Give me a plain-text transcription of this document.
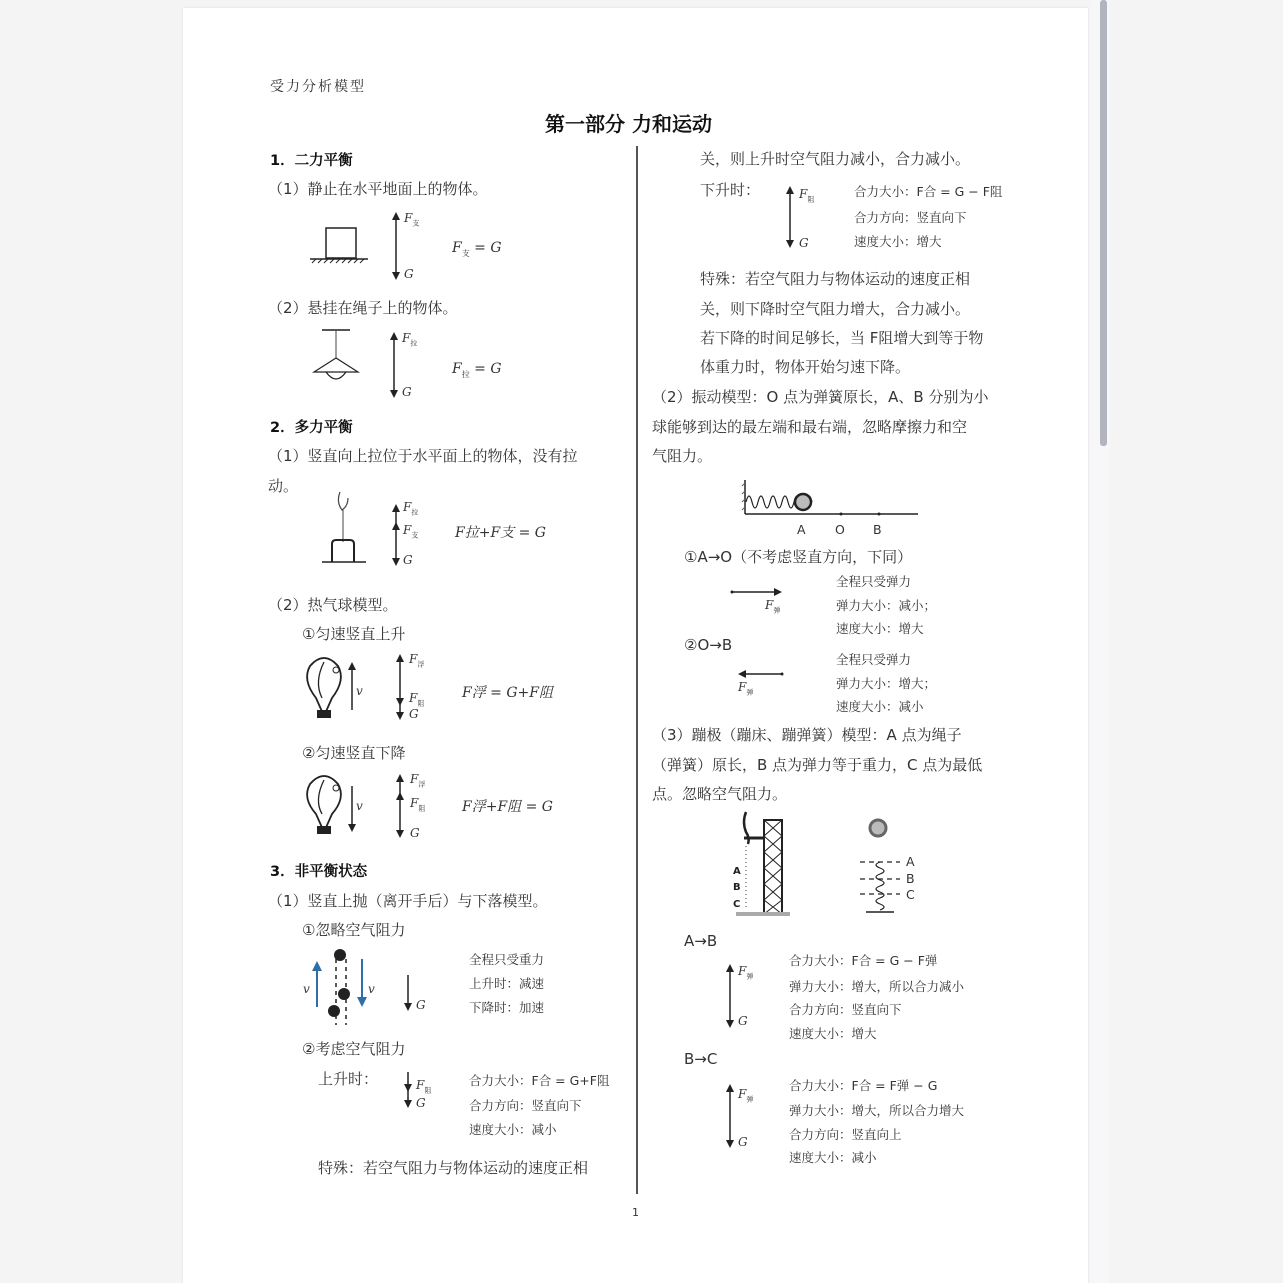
受力分析模型
第一部分 力和运动
1．二力平衡
（1）静止在水平地面上的物体。
$F_支$
G
$F_支 = G$
（2）悬挂在绳子上的物体。
$F_拉$
G
$F_拉 = G$
2．多力平衡
（1）竖直向上拉位于水平面上的物体，没有拉
动。
$F_拉$
$F_支$
G
F拉+F支 = G
（2）热气球模型。
①匀速竖直上升
v
$F_浮$
$F_阻$
G
F浮 = G+F阻
②匀速竖直下降
v
$F_浮$
$F_阻$
G
F浮+F阻 = G
3．非平衡状态
（1）竖直上抛（离开手后）与下落模型。
①忽略空气阻力
v	v
G
全程只受重力
上升时：减速
下降时：加速
②考虑空气阻力
上升时：	$F_阻$
G
合力大小：F合 = G+F阻
合力方向：竖直向下
速度大小：减小
特殊：若空气阻力与物体运动的速度正相
1
关，则上升时空气阻力减小，合力减小。
下升时：	$F_阻$
G
合力大小：F合 = G − F阻
合力方向：竖直向下
速度大小：增大
特殊：若空气阻力与物体运动的速度正相
关，则下降时空气阻力增大，合力减小。
若下降的时间足够长，当 F阻增大到等于物
体重力时，物体开始匀速下降。
（2）振动模型：O 点为弹簧原长，A、B 分别为小
球能够到达的最左端和最右端，忽略摩擦力和空
气阻力。
A O B
①A→O（不考虑竖直方向，下同）
$F_弹$
全程只受弹力
弹力大小：减小；
速度大小：增大
②O→B
$F_弹$
全程只受弹力
弹力大小：增大；
速度大小：减小
（3）蹦极（蹦床、蹦弹簧）模型：A 点为绳子
（弹簧）原长，B 点为弹力等于重力，C 点为最低
点。忽略空气阻力。
A
B
C
A
B
C
A→B
$F_弹$
G
合力大小：F合 = G − F弹
弹力大小：增大，所以合力减小
合力方向：竖直向下
速度大小：增大
B→C
$F_弹$
G
合力大小：F合 = F弹 − G
弹力大小：增大，所以合力增大
合力方向：竖直向上
速度大小：减小
